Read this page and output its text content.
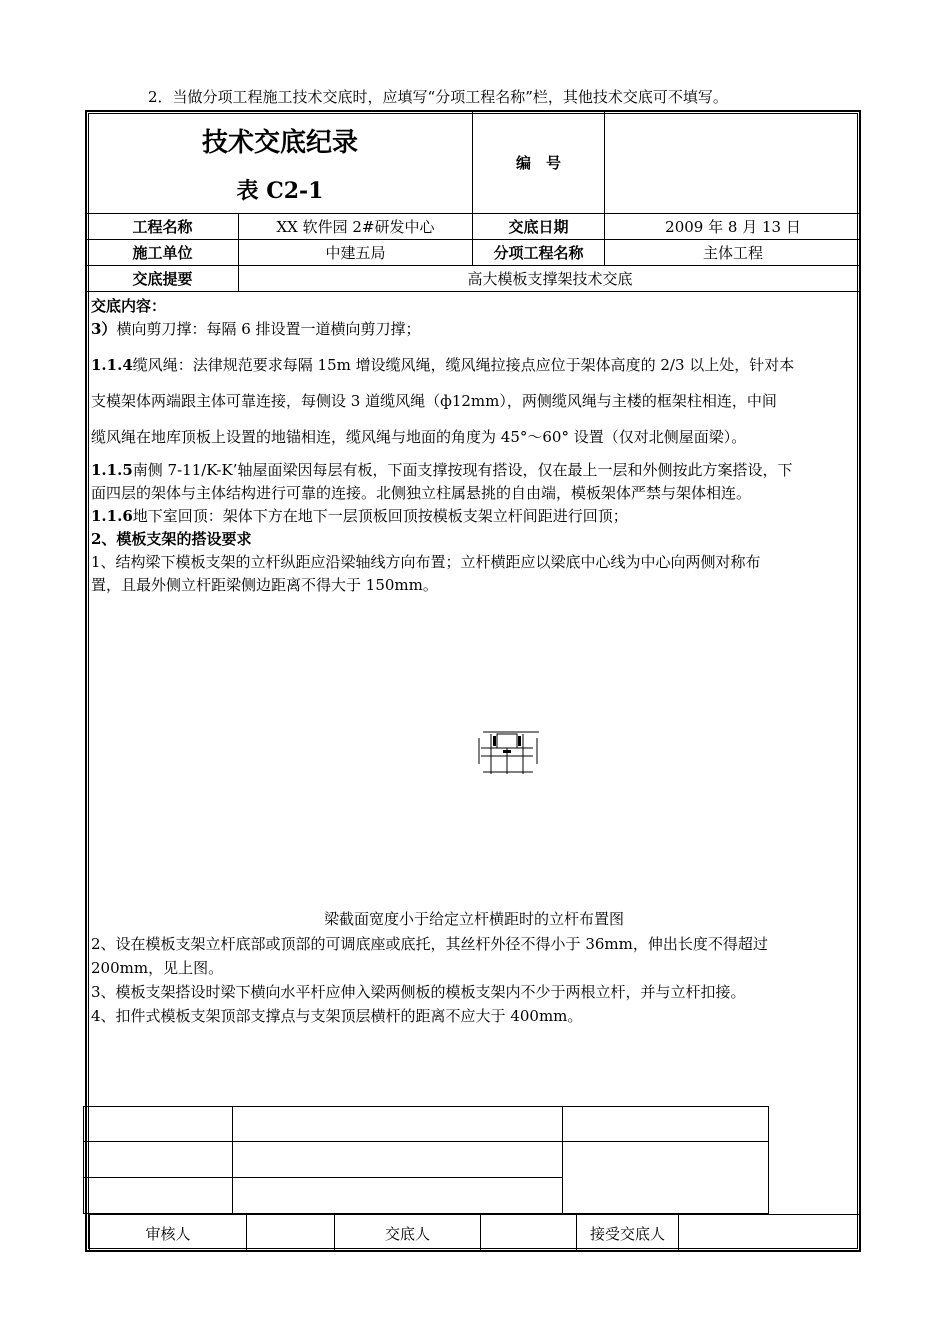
2．当做分项工程施工技术交底时，应填写“分项工程名称”栏，其他技术交底可不填写。
技术交底纪录
表 C2-1
编　号
工程名称	XX 软件园 2#研发中心	交底日期	2009 年 8 月 13 日
施工单位	中建五局	分项工程名称	主体工程
交底提要	高大模板支撑架技术交底

交底内容：

3）横向剪刀撑：每隔 6 排设置一道横向剪刀撑；

1.1.4缆风绳：法律规范要求每隔 15m 增设缆风绳，缆风绳拉接点应位于架体高度的 2/3 以上处，针对本

支模架体两端跟主体可靠连接，每侧设 3 道缆风绳（ф12mm），两侧缆风绳与主楼的框架柱相连，中间

缆风绳在地库顶板上设置的地锚相连，缆风绳与地面的角度为 45°～60° 设置（仅对北侧屋面梁）。

1.1.5南侧 7-11/K-K’轴屋面梁因每层有板，下面支撑按现有搭设，仅在最上一层和外侧按此方案搭设，下

面四层的架体与主体结构进行可靠的连接。北侧独立柱属悬挑的自由端，模板架体严禁与架体相连。

1.1.6地下室回顶：架体下方在地下一层顶板回顶按模板支架立杆间距进行回顶；

2、模板支架的搭设要求

1、结构梁下模板支架的立杆纵距应沿梁轴线方向布置；立杆横距应以梁底中心线为中心向两侧对称布

置，且最外侧立杆距梁侧边距离不得大于 150mm。

梁截面宽度小于给定立杆横距时的立杆布置图

2、设在模板支架立杆底部或顶部的可调底座或底托，其丝杆外径不得小于 36mm，伸出长度不得超过

200mm，见上图。

3、模板支架搭设时梁下横向水平杆应伸入梁两侧板的模板支架内不少于两根立杆，并与立杆扣接。

4、扣件式模板支架顶部支撑点与支架顶层横杆的距离不应大于 400mm。

审核人	交底人	接受交底人
